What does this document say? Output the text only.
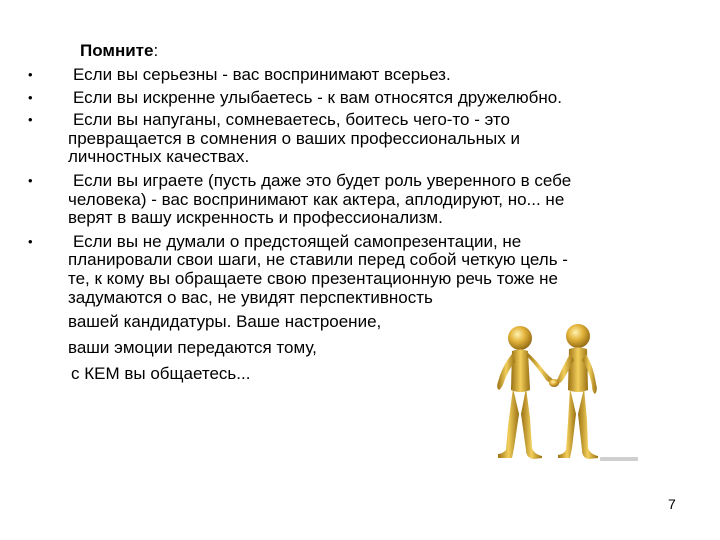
Помните:
• Если вы серьезны - вас воспринимают всерьез.
• Если вы искренне улыбаетесь - к вам относятся дружелюбно.
• Если вы напуганы, сомневаетесь, боитесь чего-то - это
превращается в сомнения о ваших профессиональных и
личностных качествах.
• Если вы играете (пусть даже это будет роль уверенного в себе
человека) - вас воспринимают как актера, аплодируют, но... не
верят в вашу искренность и профессионализм.
• Если вы не думали о предстоящей самопрезентации, не
планировали свои шаги, не ставили перед собой четкую цель -
те, к кому вы обращаете свою презентационную речь тоже не
задумаются о вас, не увидят перспективность
вашей кандидатуры. Ваше настроение,
ваши эмоции передаются тому,
с КЕМ вы общаетесь...
7
